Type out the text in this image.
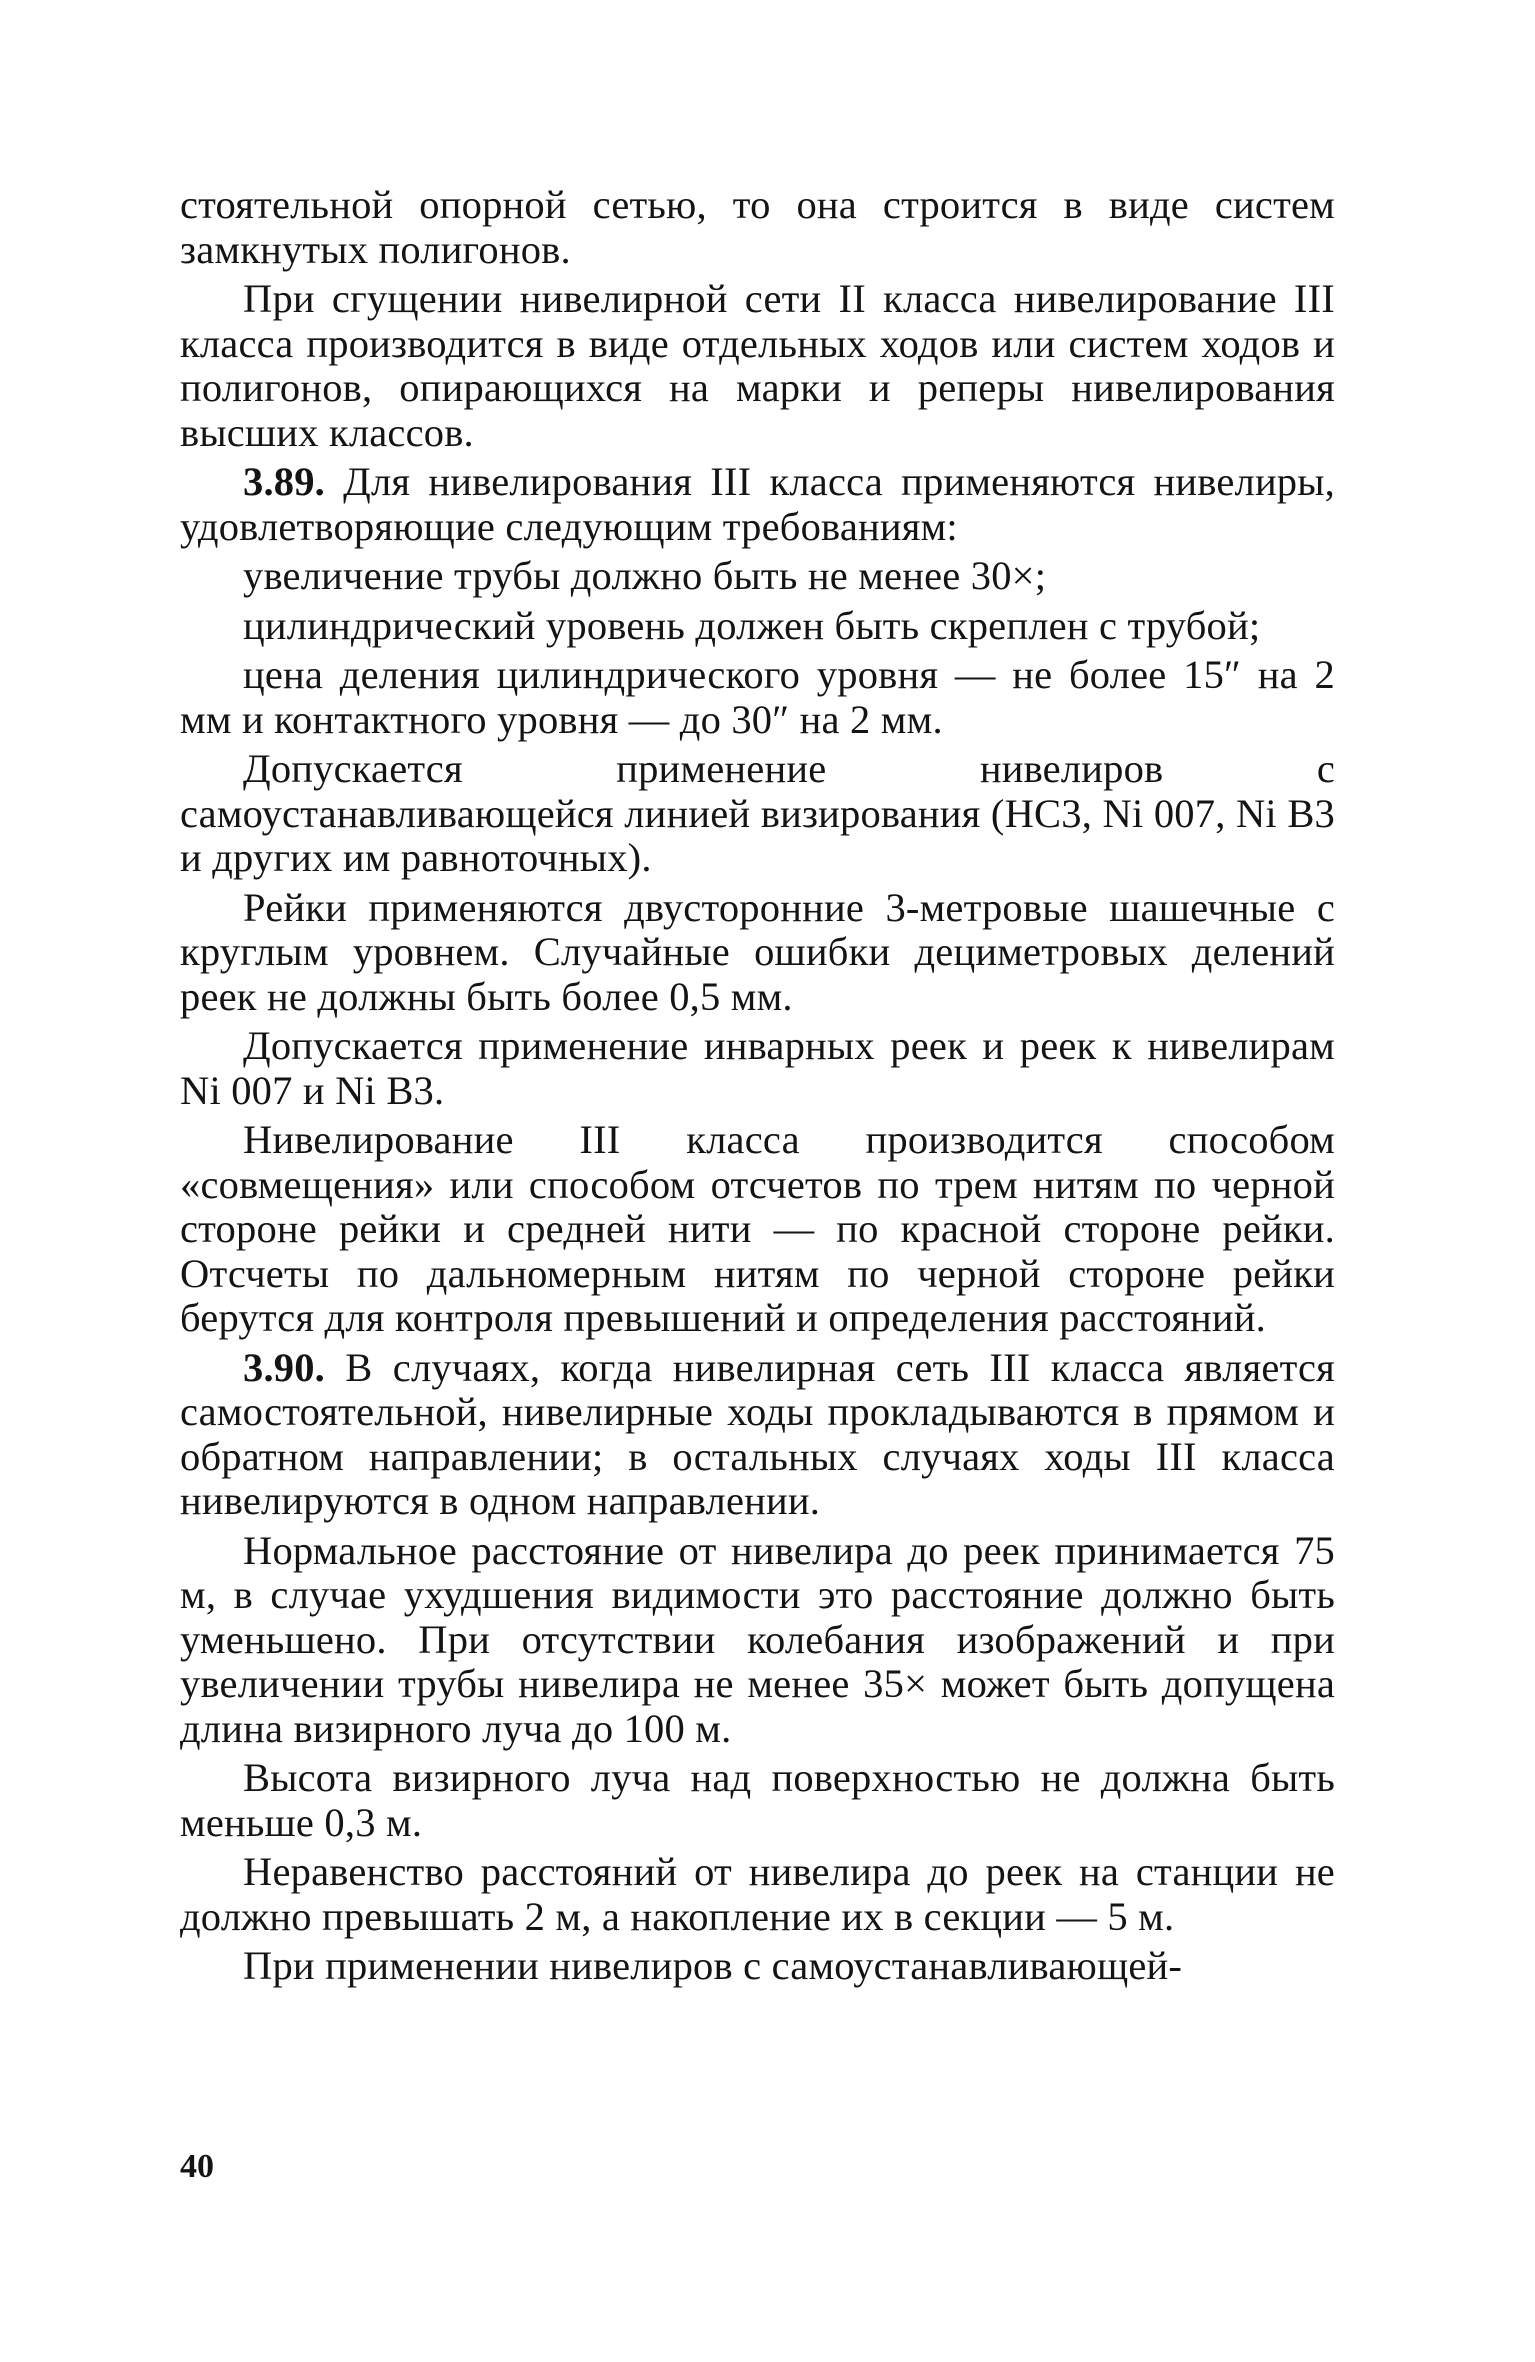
стоятельной опорной сетью, то она строится в виде систем замкнутых полигонов.

При сгущении нивелирной сети II класса нивелирование III класса производится в виде отдельных ходов или систем ходов и полигонов, опирающихся на марки и реперы нивелирования высших классов.

3.89. Для нивелирования III класса применяются нивелиры, удовлетворяющие следующим требованиям:

увеличение трубы должно быть не менее 30×;

цилиндрический уровень должен быть скреплен с трубой;

цена деления цилиндрического уровня — не более 15″ на 2 мм и контактного уровня — до 30″ на 2 мм.

Допускается применение нивелиров с самоустанавливающейся линией визирования (НС3, Ni 007, Ni B3 и других им равноточных).

Рейки применяются двусторонние 3-метровые шашечные с круглым уровнем. Случайные ошибки дециметровых делений реек не должны быть более 0,5 мм.

Допускается применение инварных реек и реек к нивелирам Ni 007 и Ni B3.

Нивелирование III класса производится способом «совмещения» или способом отсчетов по трем нитям по черной стороне рейки и средней нити — по красной стороне рейки. Отсчеты по дальномерным нитям по черной стороне рейки берутся для контроля превышений и определения расстояний.

3.90. В случаях, когда нивелирная сеть III класса является самостоятельной, нивелирные ходы прокладываются в прямом и обратном направлении; в остальных случаях ходы III класса нивелируются в одном направлении.

Нормальное расстояние от нивелира до реек принимается 75 м, в случае ухудшения видимости это расстояние должно быть уменьшено. При отсутствии колебания изображений и при увеличении трубы нивелира не менее 35× может быть допущена длина визирного луча до 100 м.

Высота визирного луча над поверхностью не должна быть меньше 0,3 м.

Неравенство расстояний от нивелира до реек на станции не должно превышать 2 м, а накопление их в секции — 5 м.

При применении нивелиров с самоустанавливающей-

40
